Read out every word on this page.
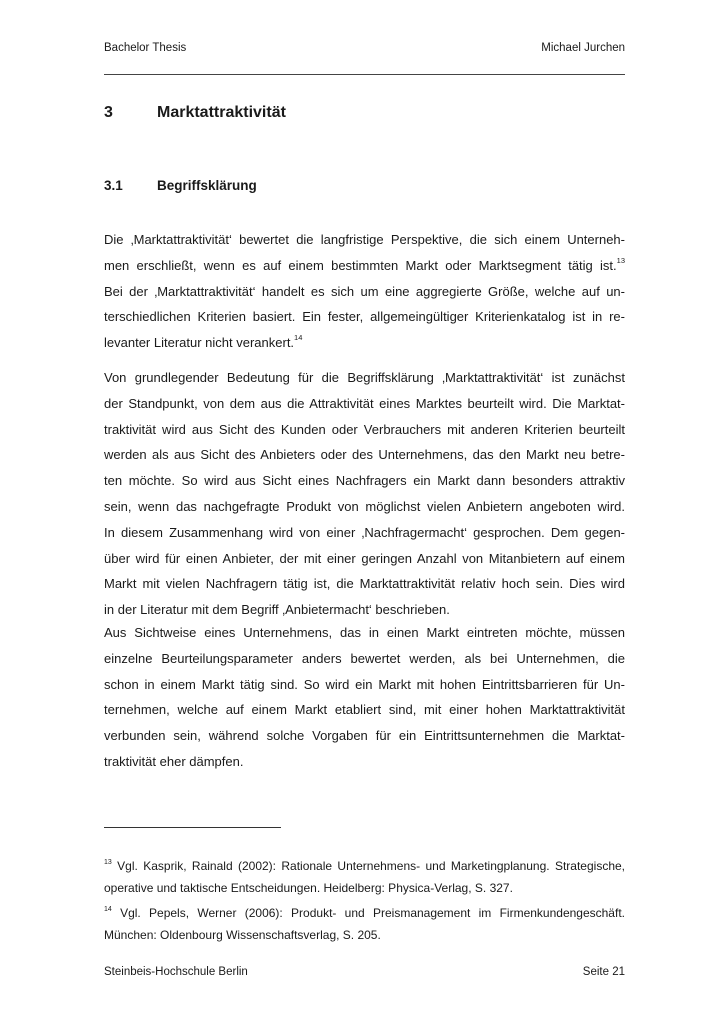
Bachelor Thesis	Michael Jurchen
3	Marktattraktivität
3.1	Begriffsklärung
Die ‚Marktattraktivität‘ bewertet die langfristige Perspektive, die sich einem Unterneh-
men erschließt, wenn es auf einem bestimmten Markt oder Marktsegment tätig ist.$^{13}$
Bei der ‚Marktattraktivität‘ handelt es sich um eine aggregierte Größe, welche auf un-
terschiedlichen Kriterien basiert. Ein fester, allgemeingültiger Kriterienkatalog ist in re-
levanter Literatur nicht verankert.$^{14}$
Von grundlegender Bedeutung für die Begriffsklärung ‚Marktattraktivität‘ ist zunächst
der Standpunkt, von dem aus die Attraktivität eines Marktes beurteilt wird. Die Marktat-
traktivität wird aus Sicht des Kunden oder Verbrauchers mit anderen Kriterien beurteilt
werden als aus Sicht des Anbieters oder des Unternehmens, das den Markt neu betre-
ten möchte. So wird aus Sicht eines Nachfragers ein Markt dann besonders attraktiv
sein, wenn das nachgefragte Produkt von möglichst vielen Anbietern angeboten wird.
In diesem Zusammenhang wird von einer ‚Nachfragermacht‘ gesprochen. Dem gegen-
über wird für einen Anbieter, der mit einer geringen Anzahl von Mitanbietern auf einem
Markt mit vielen Nachfragern tätig ist, die Marktattraktivität relativ hoch sein. Dies wird
in der Literatur mit dem Begriff ‚Anbietermacht‘ beschrieben.
Aus Sichtweise eines Unternehmens, das in einen Markt eintreten möchte, müssen
einzelne Beurteilungsparameter anders bewertet werden, als bei Unternehmen, die
schon in einem Markt tätig sind. So wird ein Markt mit hohen Eintrittsbarrieren für Un-
ternehmen, welche auf einem Markt etabliert sind, mit einer hohen Marktattraktivität
verbunden sein, während solche Vorgaben für ein Eintrittsunternehmen die Marktat-
traktivität eher dämpfen.
$^{13}$ Vgl. Kasprik, Rainald (2002): Rationale Unternehmens- und Marketingplanung. Strategische,
operative und taktische Entscheidungen. Heidelberg: Physica-Verlag, S. 327.
$^{14}$ Vgl. Pepels, Werner (2006): Produkt- und Preismanagement im Firmenkundengeschäft.
München: Oldenbourg Wissenschaftsverlag, S. 205.
Steinbeis-Hochschule Berlin	Seite 21
